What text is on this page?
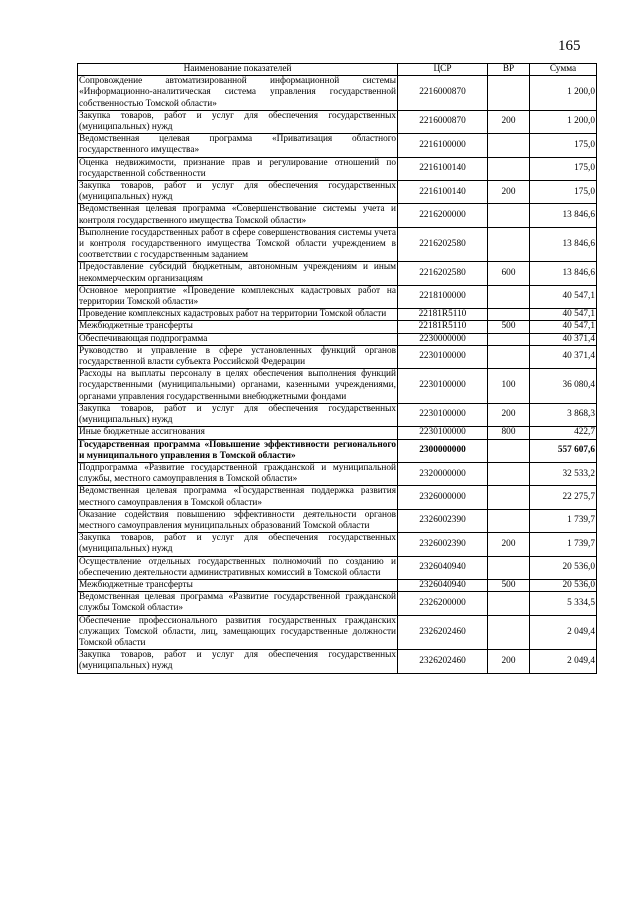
165
Наименование показателей	ЦСР	ВР	Сумма
Сопровождение автоматизированной информационной системы «Информационно-аналитическая система управления государственной собственностью Томской области»	2216000870		1 200,0
Закупка товаров, работ и услуг для обеспечения государственных (муниципальных) нужд	2216000870	200	1 200,0
Ведомственная целевая программа «Приватизация областного государственного имущества»	2216100000		175,0
Оценка недвижимости, признание прав и регулирование отношений по государственной собственности	2216100140		175,0
Закупка товаров, работ и услуг для обеспечения государственных (муниципальных) нужд	2216100140	200	175,0
Ведомственная целевая программа «Совершенствование системы учета и контроля государственного имущества Томской области»	2216200000		13 846,6
Выполнение государственных работ в сфере совершенствования системы учета и контроля государственного имущества Томской области учреждением в соответствии с государственным заданием	2216202580		13 846,6
Предоставление субсидий бюджетным, автономным учреждениям и иным некоммерческим организациям	2216202580	600	13 846,6
Основное мероприятие «Проведение комплексных кадастровых работ на территории Томской области»	2218100000		40 547,1
Проведение комплексных кадастровых работ на территории Томской области	22181R5110		40 547,1
Межбюджетные трансферты	22181R5110	500	40 547,1
Обеспечивающая подпрограмма	2230000000		40 371,4
Руководство и управление в сфере установленных функций органов государственной власти субъекта Российской Федерации	2230100000		40 371,4
Расходы на выплаты персоналу в целях обеспечения выполнения функций государственными (муниципальными) органами, казенными учреждениями, органами управления государственными внебюджетными фондами	2230100000	100	36 080,4
Закупка товаров, работ и услуг для обеспечения государственных (муниципальных) нужд	2230100000	200	3 868,3
Иные бюджетные ассигнования	2230100000	800	422,7
Государственная программа «Повышение эффективности регионального и муниципального управления в Томской области»	2300000000		557 607,6
Подпрограмма «Развитие государственной гражданской и муниципальной службы, местного самоуправления в Томской области»	2320000000		32 533,2
Ведомственная целевая программа «Государственная поддержка развития местного самоуправления в Томской области»	2326000000		22 275,7
Оказание содействия повышению эффективности деятельности органов местного самоуправления муниципальных образований Томской области	2326002390		1 739,7
Закупка товаров, работ и услуг для обеспечения государственных (муниципальных) нужд	2326002390	200	1 739,7
Осуществление отдельных государственных полномочий по созданию и обеспечению деятельности административных комиссий в Томской области	2326040940		20 536,0
Межбюджетные трансферты	2326040940	500	20 536,0
Ведомственная целевая программа «Развитие государственной гражданской службы Томской области»	2326200000		5 334,5
Обеспечение профессионального развития государственных гражданских служащих Томской области, лиц, замещающих государственные должности Томской области	2326202460		2 049,4
Закупка товаров, работ и услуг для обеспечения государственных (муниципальных) нужд	2326202460	200	2 049,4
